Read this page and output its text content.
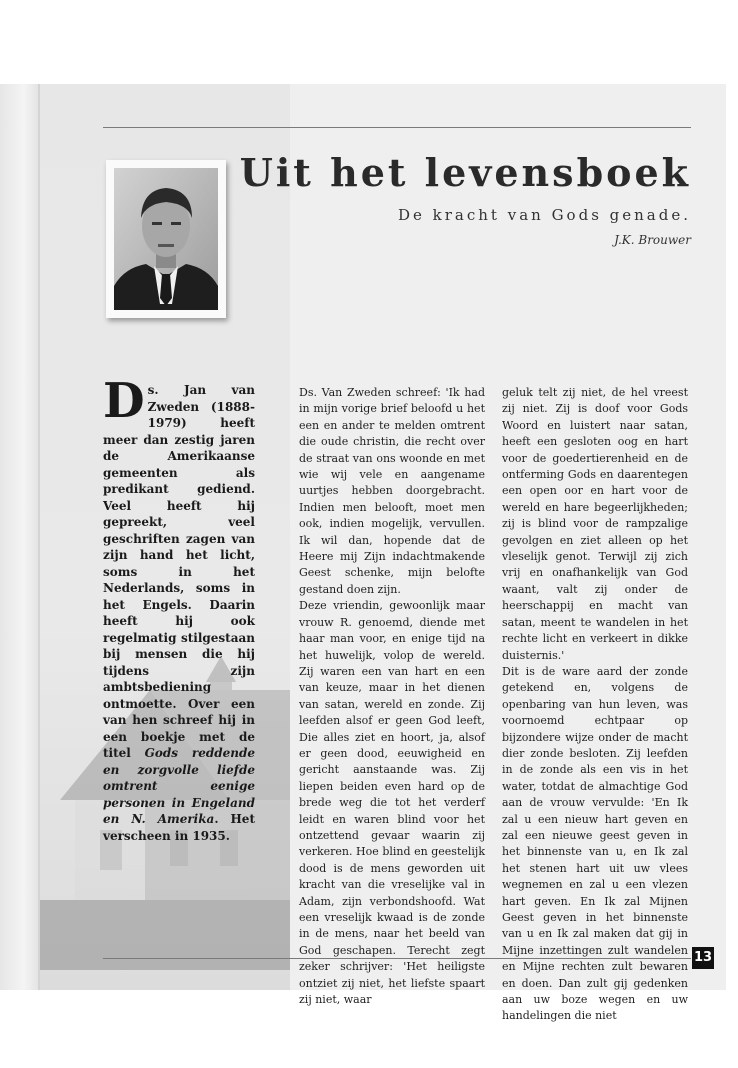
Uit het levensboek
De kracht van Gods genade.
J.K. Brouwer
Ds. Jan van Zweden (1888-1979) heeft meer dan zestig jaren de Amerikaanse gemeenten als predikant gediend. Veel heeft hij gepreekt, veel geschriften zagen van zijn hand het licht, soms in het Nederlands, soms in het Engels. Daarin heeft hij ook regelmatig stilgestaan bij mensen die hij tijdens zijn ambtsbediening ontmoette. Over een van hen schreef hij in een boekje met de titel Gods reddende en zorgvolle liefde omtrent eenige personen in Engeland en N. Amerika. Het verscheen in 1935.

Ds. Van Zweden schreef: 'Ik had in mijn vorige brief beloofd u het een en ander te melden omtrent die oude christin, die recht over de straat van ons woonde en met wie wij vele en aangename uurtjes hebben doorgebracht. Indien men belooft, moet men ook, indien mogelijk, vervullen. Ik wil dan, hopende dat de Heere mij Zijn indachtmakende Geest schenke, mijn belofte gestand doen zijn.

Deze vriendin, gewoonlijk maar vrouw R. genoemd, diende met haar man voor, en enige tijd na het huwelijk, volop de wereld. Zij waren een van hart en een van keuze, maar in het dienen van satan, wereld en zonde. Zij leefden alsof er geen God leeft, Die alles ziet en hoort, ja, alsof er geen dood, eeuwigheid en gericht aanstaande was. Zij liepen beiden even hard op de brede weg die tot het verderf leidt en waren blind voor het ontzettend gevaar waarin zij verkeren. Hoe blind en geestelijk dood is de mens geworden uit kracht van die vreselijke val in Adam, zijn verbondshoofd. Wat een vreselijk kwaad is de zonde in de mens, naar het beeld van God geschapen. Terecht zegt zeker schrijver: 'Het heiligste ontziet zij niet, het liefste spaart zij niet, waar

geluk telt zij niet, de hel vreest zij niet. Zij is doof voor Gods Woord en luistert naar satan, heeft een gesloten oog en hart voor de goedertierenheid en de ontferming Gods en daarentegen een open oor en hart voor de wereld en hare begeerlijkheden; zij is blind voor de rampzalige gevolgen en ziet alleen op het vleselijk genot. Terwijl zij zich vrij en onafhankelijk van God waant, valt zij onder de heerschappij en macht van satan, meent te wandelen in het rechte licht en verkeert in dikke duisternis.'

Dit is de ware aard der zonde getekend en, volgens de openbaring van hun leven, was voornoemd echtpaar op bijzondere wijze onder de macht dier zonde besloten. Zij leefden in de zonde als een vis in het water, totdat de almachtige God aan de vrouw vervulde: 'En Ik zal u een nieuw hart geven en zal een nieuwe geest geven in het binnenste van u, en Ik zal het stenen hart uit uw vlees wegnemen en zal u een vlezen hart geven. En Ik zal Mijnen Geest geven in het binnenste van u en Ik zal maken dat gij in Mijne inzettingen zult wandelen en Mijne rechten zult bewaren en doen. Dan zult gij gedenken aan uw boze wegen en uw handelingen die niet

13
